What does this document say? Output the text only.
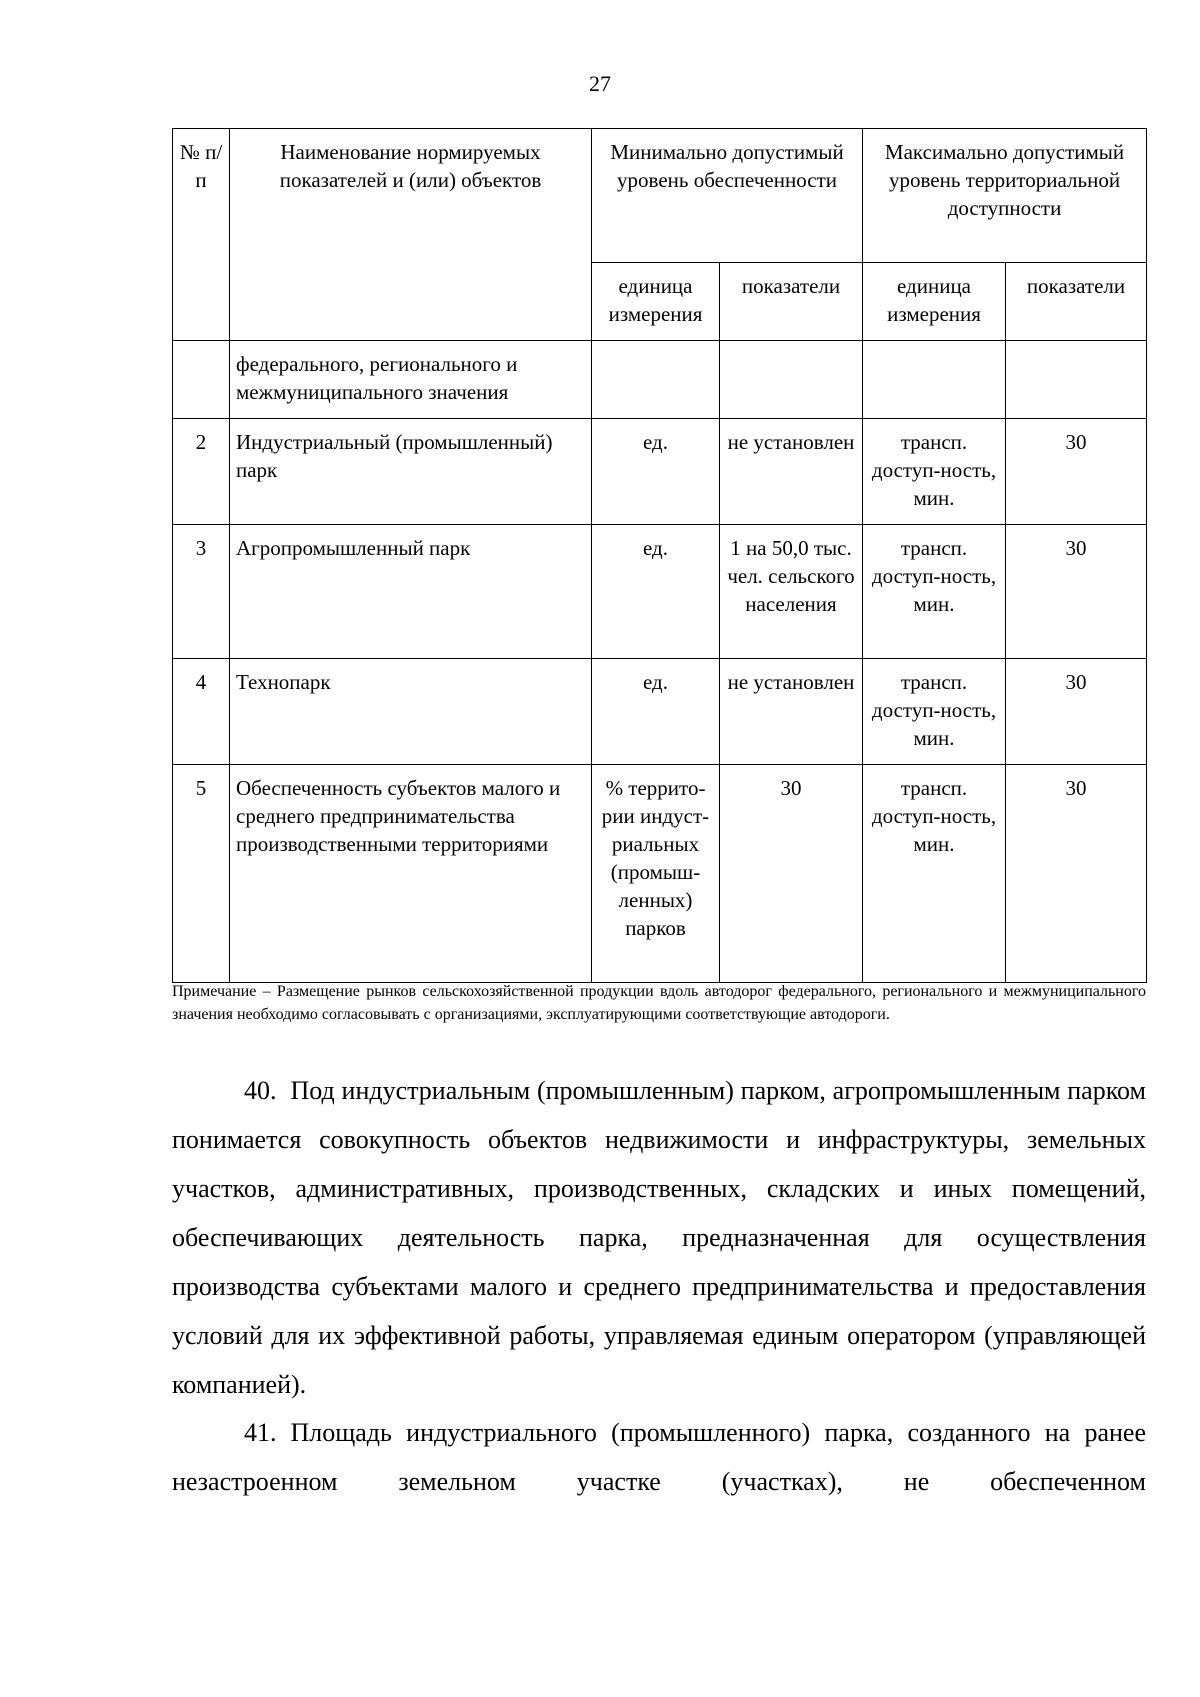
27
№ п/п	Наименование нормируемых показателей и (или) объектов	Минимально допустимый уровень обеспеченности		Максимально допустимый уровень территориальной доступности	
		единица измерения	показатели	единица измерения	показатели
	федерального, регионального и межмуниципального значения				
2	Индустриальный (промышленный) парк	ед.	не установлен	трансп. доступ-ность, мин.	30
3	Агропромышленный парк	ед.	1 на 50,0 тыс. чел. сельского населения	трансп. доступ-ность, мин.	30
4	Технопарк	ед.	не установлен	трансп. доступ-ность, мин.	30
5	Обеспеченность субъектов малого и среднего предпринимательства производственными территориями	% террито-рии индуст-риальных (промыш-ленных) парков	30	трансп. доступ-ность, мин.	30
Примечание – Размещение рынков сельскохозяйственной продукции вдоль автодорог федерального, регионального и межмуниципального значения необходимо согласовывать с организациями, эксплуатирующими соответствующие автодороги.

40. Под индустриальным (промышленным) парком, агропромышленным парком понимается совокупность объектов недвижимости и инфраструктуры, земельных участков, административных, производственных, складских и иных помещений, обеспечивающих деятельность парка, предназначенная для осуществления производства субъектами малого и среднего предпринимательства и предоставления условий для их эффективной работы, управляемая единым оператором (управляющей компанией).

41. Площадь индустриального (промышленного) парка, созданного на ранее незастроенном земельном участке (участках), не обеспеченном
